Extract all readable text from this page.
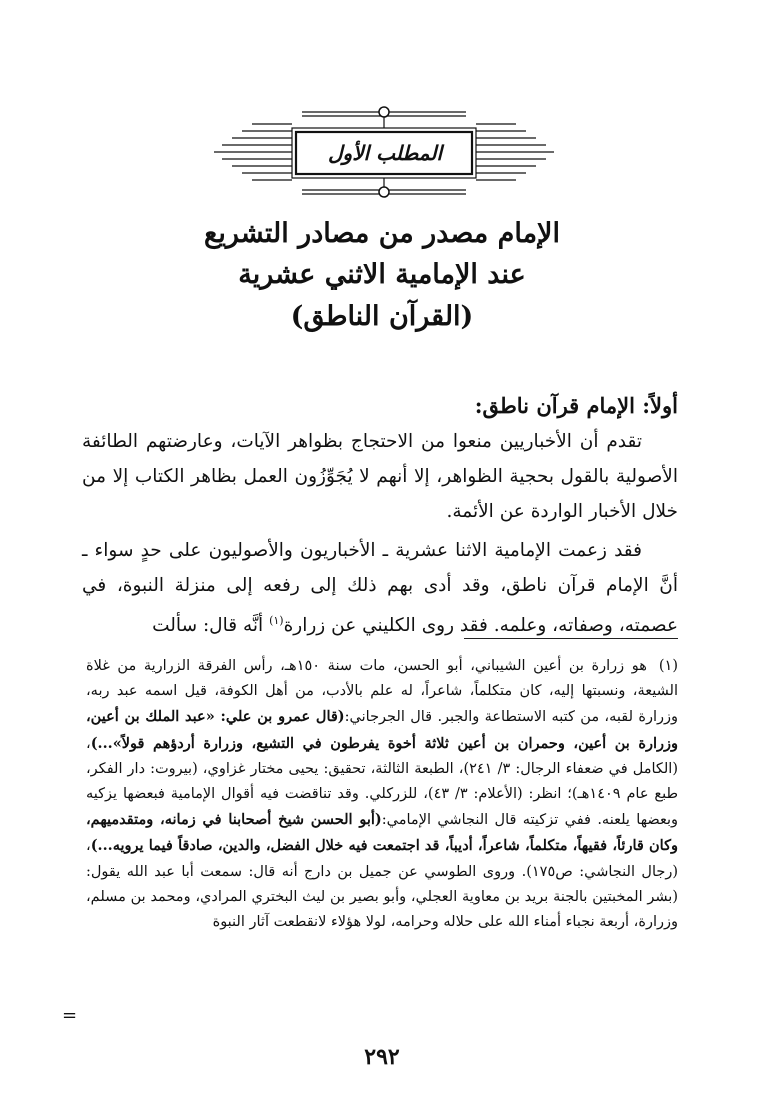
المطلب الأول
الإمام مصدر من مصادر التشريع
عند الإمامية الاثني عشرية
(القرآن الناطق)
أولاً: الإمام قرآن ناطق:
تقدم أن الأخباريين منعوا من الاحتجاج بظواهر الآيات، وعارضتهم الطائفة الأصولية بالقول بحجية الظواهر، إلا أنهم لا يُجَوِّزُون العمل بظاهر الكتاب إلا من خلال الأخبار الواردة عن الأئمة.
فقد زعمت الإمامية الاثنا عشرية ـ الأخباريون والأصوليون على حدٍ سواء ـ أنَّ الإمام قرآن ناطق، وقد أدى بهم ذلك إلى رفعه إلى منزلة النبوة، في عصمته، وصفاته، وعلمه. فقد روى الكليني عن زرارة$^{(١)}$ أنَّه قال: سألت
(١)هو زرارة بن أعين الشيباني، أبو الحسن، مات سنة ١٥٠هـ، رأس الفرقة الزرارية من غلاة الشيعة، ونسبتها إليه، كان متكلماً، شاعراً، له علم بالأدب، من أهل الكوفة، قيل اسمه عبد ربه، وزرارة لقبه، من كتبه الاستطاعة والجبر. قال الجرجاني:(قال عمرو بن علي: «عبد الملك بن أعين، وزرارة بن أعين، وحمران بن أعين ثلاثة أخوة يفرطون في التشيع، وزرارة أردؤهم قولاً»...)، (الكامل في ضعفاء الرجال: ٣/ ٢٤١)، الطبعة الثالثة، تحقيق: يحيى مختار غزاوي، (بيروت: دار الفكر، طبع عام ١٤٠٩هـ)؛ انظر: (الأعلام: ٣/ ٤٣)، للزركلي. وقد تناقضت فيه أقوال الإمامية فبعضها يزكيه وبعضها يلعنه. ففي تزكيته قال النجاشي الإمامي:(أبو الحسن شيخ أصحابنا في زمانه، ومتقدميهم، وكان قارئاً، فقيهاً، متكلماً، شاعراً، أديباً، قد اجتمعت فيه خلال الفضل، والدين، صادقاً فيما يرويه...)، (رجال النجاشي: ص١٧٥). وروى الطوسي عن جميل بن دارج أنه قال: سمعت أبا عبد الله يقول: (بشر المخبتين بالجنة بريد بن معاوية العجلي، وأبو بصير بن ليث البختري المرادي، ومحمد بن مسلم، وزرارة، أربعة نجباء أمناء الله على حلاله وحرامه، لولا هؤلاء لانقطعت آثار النبوة
=
٢٩٢
